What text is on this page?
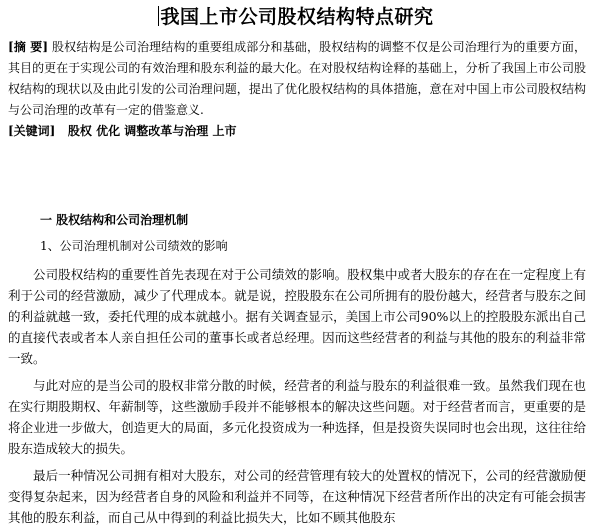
我国上市公司股权结构特点研究
[摘 要] 股权结构是公司治理结构的重要组成部分和基础，股权结构的调整不仅是公司治理行为的重要方面，其目的更在于实现公司的有效治理和股东利益的最大化。在对股权结构诠释的基础上，分析了我国上市公司股权结构的现状以及由此引发的公司治理问题，提出了优化股权结构的具体措施，意在对中国上市公司股权结构与公司治理的改革有一定的借鉴意义.
[关键词] 股权 优化 调整改革与治理 上市
一 股权结构和公司治理机制
1、公司治理机制对公司绩效的影响
公司股权结构的重要性首先表现在对于公司绩效的影响。股权集中或者大股东的存在在一定程度上有利于公司的经营激励，减少了代理成本。就是说，控股股东在公司所拥有的股份越大，经营者与股东之间的利益就越一致，委托代理的成本就越小。据有关调查显示，美国上市公司90%以上的控股股东派出自己的直接代表或者本人亲自担任公司的董事长或者总经理。因而这些经营者的利益与其他的股东的利益非常一致。
与此对应的是当公司的股权非常分散的时候，经营者的利益与股东的利益很难一致。虽然我们现在也在实行期股期权、年薪制等，这些激励手段并不能够根本的解决这些问题。对于经营者而言，更重要的是将企业进一步做大，创造更大的局面，多元化投资成为一种选择，但是投资失误同时也会出现，这往往给股东造成较大的损失。
最后一种情况公司拥有相对大股东，对公司的经营管理有较大的处置权的情况下，公司的经营激励便变得复杂起来，因为经营者自身的风险和利益并不同等，在这种情况下经营者所作出的决定有可能会损害其他的股东利益，而自己从中得到的利益比损失大，比如不顾其他股东
